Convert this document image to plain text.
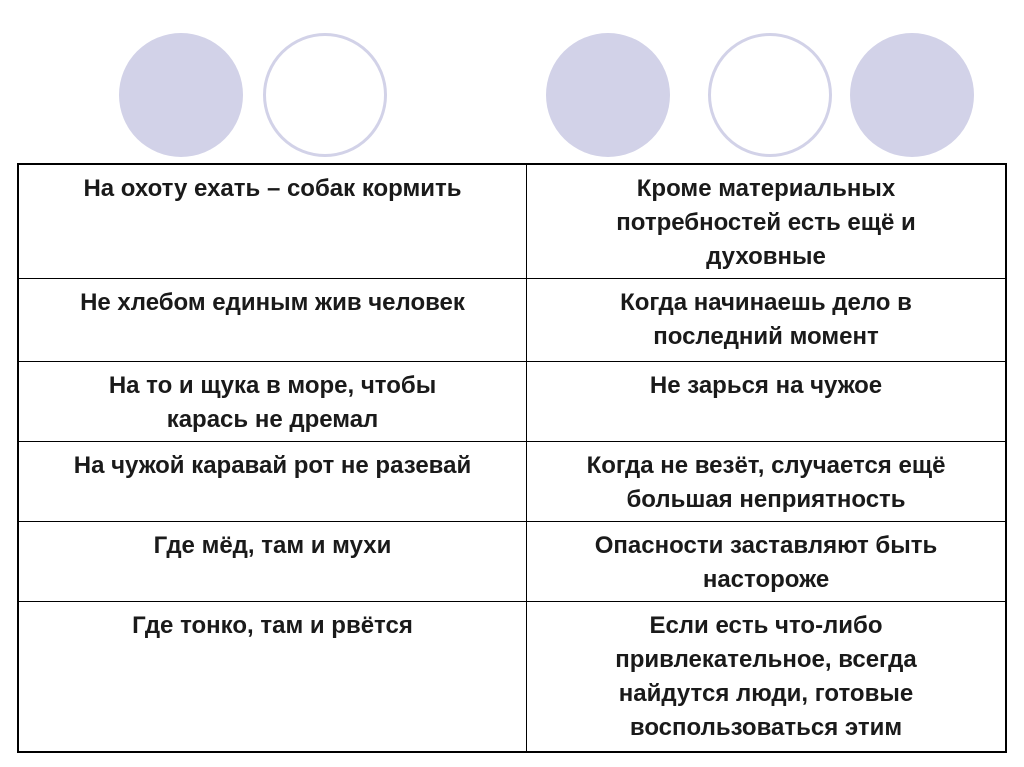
На охоту ехать – собак кормить	Кроме материальных
потребностей есть ещё и
духовные

Не хлебом единым жив человек	Когда начинаешь дело в
последний момент

На то и щука в море, чтобы
карась не дремал	Не зарься на чужое

На чужой каравай рот не разевай	Когда не везёт, случается ещё
большая неприятность

Где мёд, там и мухи	Опасности заставляют быть
настороже

Где тонко, там и рвётся	Если есть что-либо
привлекательное, всегда
найдутся люди, готовые
воспользоваться этим
